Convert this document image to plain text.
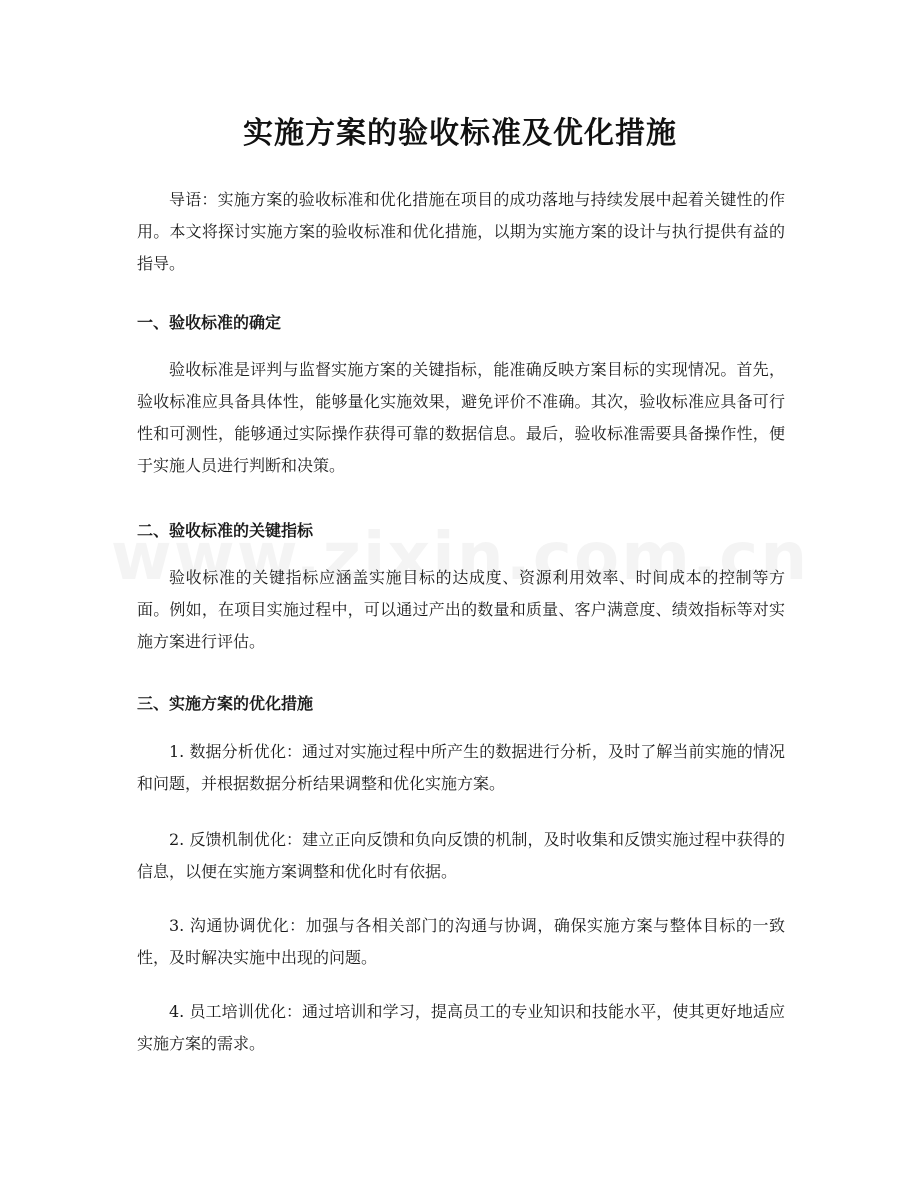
实施方案的验收标准及优化措施

导语：实施方案的验收标准和优化措施在项目的成功落地与持续发展中起着关键性的作用。本文将探讨实施方案的验收标准和优化措施，以期为实施方案的设计与执行提供有益的指导。

一、验收标准的确定

验收标准是评判与监督实施方案的关键指标，能准确反映方案目标的实现情况。首先，验收标准应具备具体性，能够量化实施效果，避免评价不准确。其次，验收标准应具备可行性和可测性，能够通过实际操作获得可靠的数据信息。最后，验收标准需要具备操作性，便于实施人员进行判断和决策。

二、验收标准的关键指标

验收标准的关键指标应涵盖实施目标的达成度、资源利用效率、时间成本的控制等方面。例如，在项目实施过程中，可以通过产出的数量和质量、客户满意度、绩效指标等对实施方案进行评估。

三、实施方案的优化措施

1. 数据分析优化：通过对实施过程中所产生的数据进行分析，及时了解当前实施的情况和问题，并根据数据分析结果调整和优化实施方案。

2. 反馈机制优化：建立正向反馈和负向反馈的机制，及时收集和反馈实施过程中获得的信息，以便在实施方案调整和优化时有依据。

3. 沟通协调优化：加强与各相关部门的沟通与协调，确保实施方案与整体目标的一致性，及时解决实施中出现的问题。

4. 员工培训优化：通过培训和学习，提高员工的专业知识和技能水平，使其更好地适应实施方案的需求。
